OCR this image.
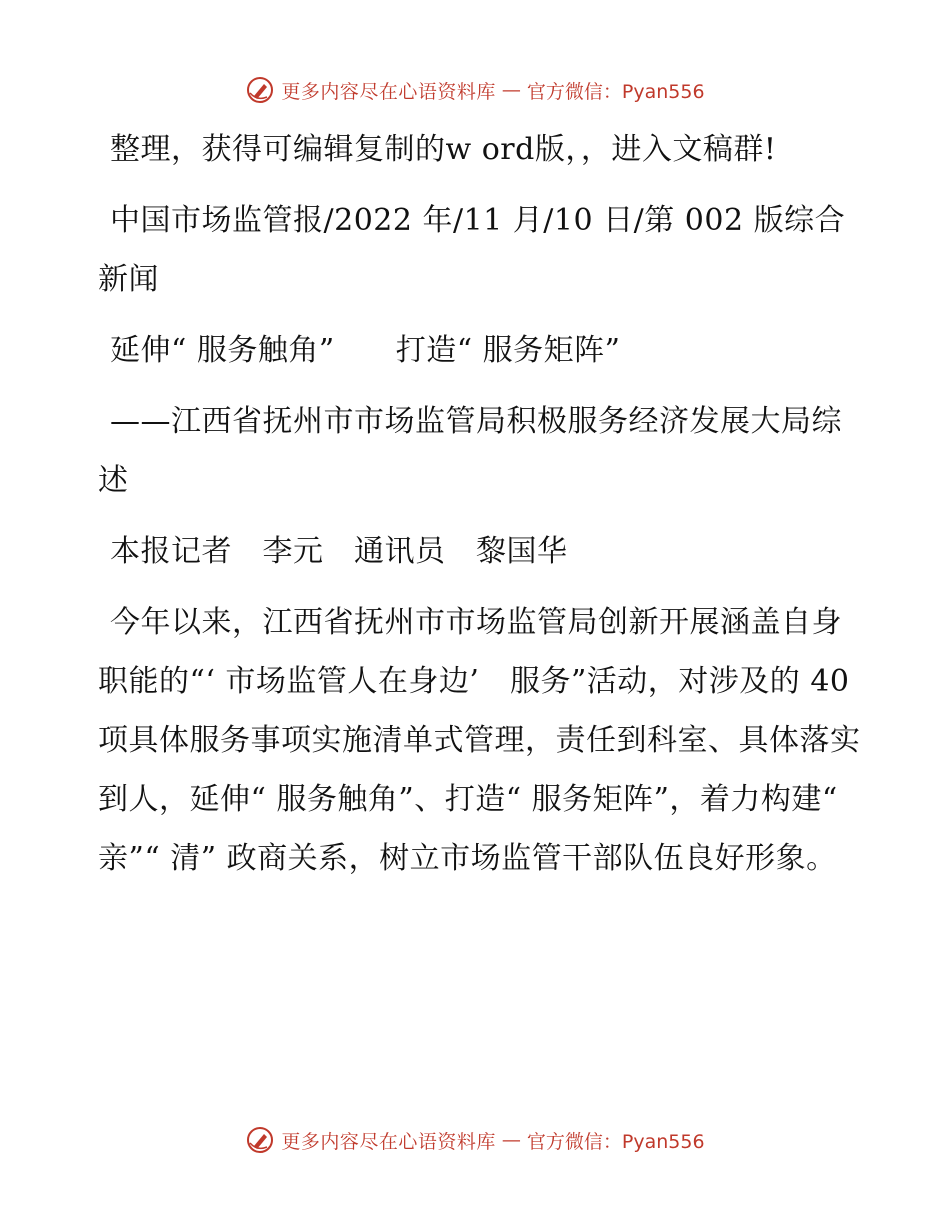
更多内容尽在心语资料库 — 官方微信：Pyan556

整理，获得可编辑复制的w ord版，，进入文稿群!

中国市场监管报/2022 年/11 月/10 日/第 002 版综合新闻

延伸“ 服务触角”　　打造“ 服务矩阵”

——江西省抚州市市场监管局积极服务经济发展大局综述

本报记者　李元　通讯员　黎国华

今年以来，江西省抚州市市场监管局创新开展涵盖自身职能的“‘ 市场监管人在身边’　服务”活动，对涉及的 40 项具体服务事项实施清单式管理，责任到科室、具体落实到人，延伸“ 服务触角”、打造“ 服务矩阵”，着力构建“ 亲”“ 清” 政商关系，树立市场监管干部队伍良好形象。

更多内容尽在心语资料库 — 官方微信：Pyan556
